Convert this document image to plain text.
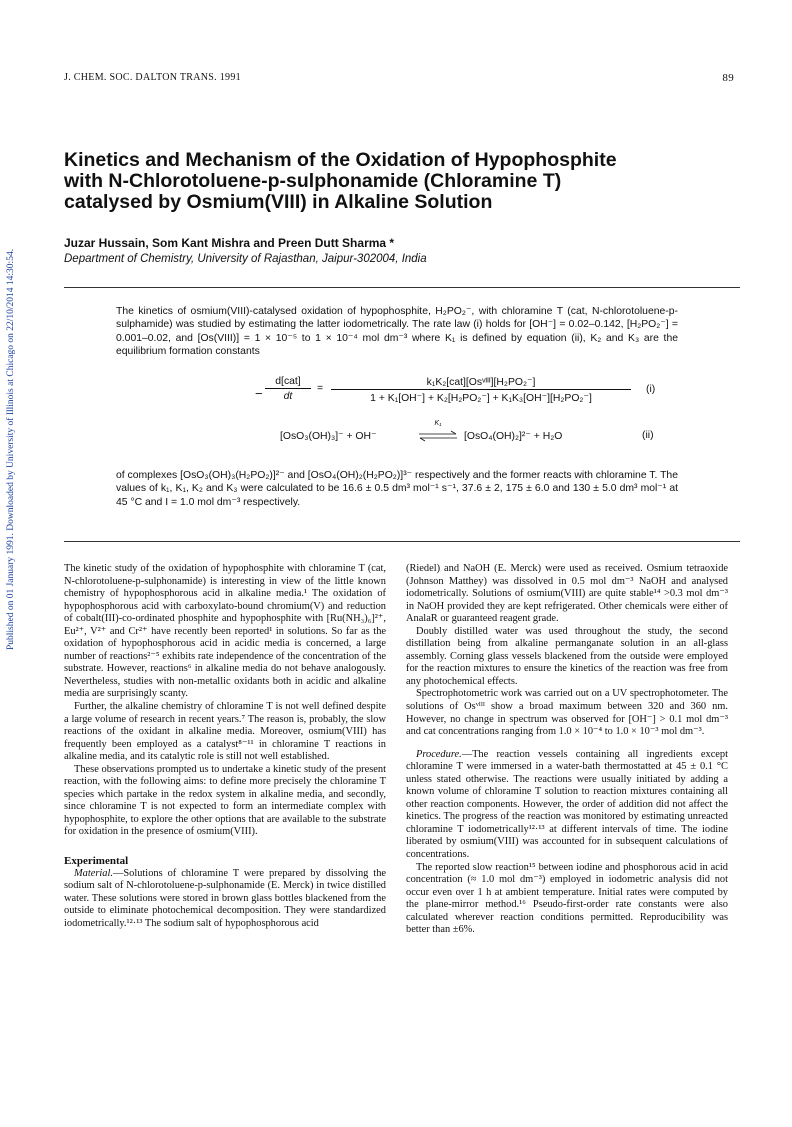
Published on 01 January 1991. Downloaded by University of Illinois at Chicago on 22/10/2014 14:30:54.
J. CHEM. SOC. DALTON TRANS. 1991	89
Kinetics and Mechanism of the Oxidation of Hypophosphite
with N-Chlorotoluene-p-sulphonamide (Chloramine T)
catalysed by Osmium(VIII) in Alkaline Solution
Juzar Hussain, Som Kant Mishra and Preen Dutt Sharma *
Department of Chemistry, University of Rajasthan, Jaipur-302004, India
The kinetics of osmium(VIII)-catalysed oxidation of hypophosphite, H₂PO₂⁻, with chloramine T (cat, N-chlorotoluene-p-sulphamide) was studied by estimating the latter iodometrically. The rate law (i) holds for [OH⁻] = 0.02–0.142, [H₂PO₂⁻] = 0.001–0.02, and [Os(VIII)] = 1 × 10⁻⁵ to 1 × 10⁻⁴ mol dm⁻³ where K₁ is defined by equation (ii), K₂ and K₃ are the equilibrium formation constants
−
d[cat]
dt
=
k₁K₂[cat][Osᵛᴵᴵᴵ][H₂PO₂⁻]
1 + K₁[OH⁻] + K₂[H₂PO₂⁻] + K₁K₃[OH⁻][H₂PO₂⁻]
(i)
[OsO₃(OH)₃]⁻ + OH⁻
K₁
⇌ [OsO₄(OH)₂]²⁻ + H₂O	(ii)
of complexes [OsO₃(OH)₃(H₂PO₂)]²⁻ and [OsO₄(OH)₂(H₂PO₂)]³⁻ respectively and the former reacts with chloramine T. The values of k₁, K₁, K₂ and K₃ were calculated to be 16.6 ± 0.5 dm³ mol⁻¹ s⁻¹, 37.6 ± 2, 175 ± 6.0 and 130 ± 5.0 dm³ mol⁻¹ at 45 °C and I = 1.0 mol dm⁻³ respectively.

The kinetic study of the oxidation of hypophosphite with chloramine T (cat, N-chlorotoluene-p-sulphonamide) is interesting in view of the little known chemistry of hypophosphorous acid in alkaline media.¹ The oxidation of hypophosphorous acid with carboxylato-bound chromium(V) and reduction of cobalt(III)-co-ordinated phosphite and hypophosphite with [Ru(NH₃)₆]²⁺, Eu²⁺, V²⁺ and Cr²⁺ have recently been reported¹ in solutions. So far as the oxidation of hypophosphorous acid in acidic media is concerned, a large number of reactions²⁻⁵ exhibits rate independence of the concentration of the substrate. However, reactions⁶ in alkaline media do not behave analogously. Nevertheless, studies with non-metallic oxidants both in acidic and alkaline media are surprisingly scanty.

Further, the alkaline chemistry of chloramine T is not well defined despite a large volume of research in recent years.⁷ The reason is, probably, the slow reactions of the oxidant in alkaline media. Moreover, osmium(VIII) has frequently been employed as a catalyst⁸⁻¹¹ in chloramine T reactions in alkaline media, and its catalytic role is still not well established.

These observations prompted us to undertake a kinetic study of the present reaction, with the following aims: to define more precisely the chloramine T species which partake in the redox system in alkaline media, and secondly, since chloramine T is not expected to form an intermediate complex with hypophosphite, to explore the other options that are available to the substrate for oxidation in the presence of osmium(VIII).

Experimental

Material.—Solutions of chloramine T were prepared by dissolving the sodium salt of N-chlorotoluene-p-sulphonamide (E. Merck) in twice distilled water. These solutions were stored in brown glass bottles blackened from the outside to eliminate photochemical decomposition. They were standardized iodometrically.¹²·¹³ The sodium salt of hypophosphorous acid

(Riedel) and NaOH (E. Merck) were used as received. Osmium tetraoxide (Johnson Matthey) was dissolved in 0.5 mol dm⁻³ NaOH and analysed iodometrically. Solutions of osmium(VIII) are quite stable¹⁴ >0.3 mol dm⁻³ in NaOH provided they are kept refrigerated. Other chemicals were either of AnalaR or guaranteed reagent grade.

Doubly distilled water was used throughout the study, the second distillation being from alkaline permanganate solution in an all-glass assembly. Corning glass vessels blackened from the outside were employed for the reaction mixtures to ensure the kinetics of the reaction was free from any photochemical effects.

Spectrophotometric work was carried out on a UV spectrophotometer. The solutions of Osᵛᴵᴵᴵ show a broad maximum between 320 and 360 nm. However, no change in spectrum was observed for [OH⁻] > 0.1 mol dm⁻³ and cat concentrations ranging from 1.0 × 10⁻⁴ to 1.0 × 10⁻³ mol dm⁻³.

Procedure.—The reaction vessels containing all ingredients except chloramine T were immersed in a water-bath thermostatted at 45 ± 0.1 °C unless stated otherwise. The reactions were usually initiated by adding a known volume of chloramine T solution to reaction mixtures containing all other reaction components. However, the order of addition did not affect the kinetics. The progress of the reaction was monitored by estimating unreacted chloramine T iodometrically¹²·¹³ at different intervals of time. The iodine liberated by osmium(VIII) was accounted for in subsequent calculations of concentrations.

The reported slow reaction¹⁵ between iodine and phosphorous acid in acid concentration (≈ 1.0 mol dm⁻³) employed in iodometric analysis did not occur even over 1 h at ambient temperature. Initial rates were computed by the plane-mirror method.¹⁶ Pseudo-first-order rate constants were also calculated wherever reaction conditions permitted. Reproducibility was better than ±6%.
